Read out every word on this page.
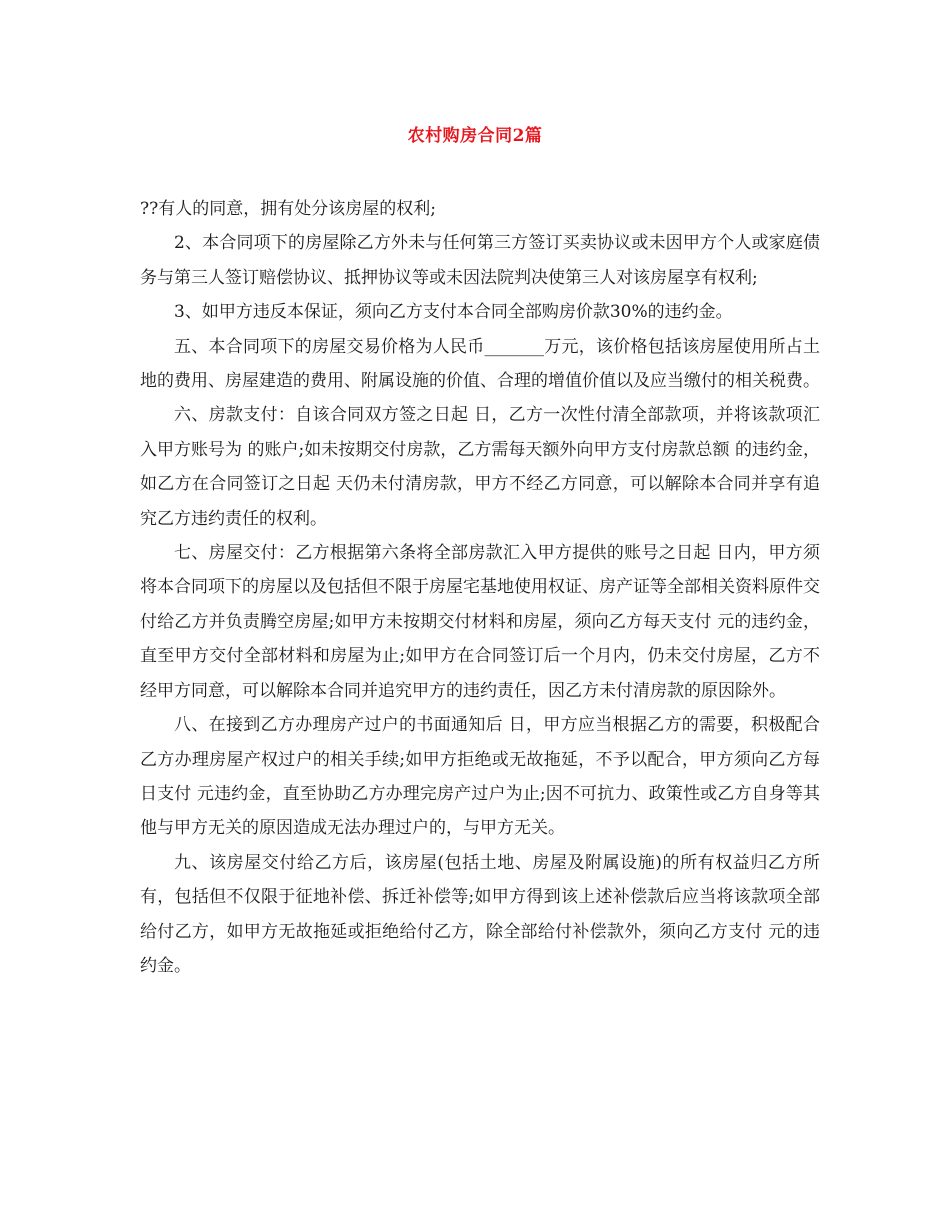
农村购房合同2篇

??有人的同意，拥有处分该房屋的权利;

2、本合同项下的房屋除乙方外未与任何第三方签订买卖协议或未因甲方个人或家庭债务与第三人签订赔偿协议、抵押协议等或未因法院判决使第三人对该房屋享有权利;

3、如甲方违反本保证，须向乙方支付本合同全部购房价款30%的违约金。

五、本合同项下的房屋交易价格为人民币_______万元，该价格包括该房屋使用所占土地的费用、房屋建造的费用、附属设施的价值、合理的增值价值以及应当缴付的相关税费。

六、房款支付：自该合同双方签之日起 日，乙方一次性付清全部款项，并将该款项汇入甲方账号为 的账户;如未按期交付房款，乙方需每天额外向甲方支付房款总额 的违约金，如乙方在合同签订之日起 天仍未付清房款，甲方不经乙方同意，可以解除本合同并享有追究乙方违约责任的权利。

七、房屋交付：乙方根据第六条将全部房款汇入甲方提供的账号之日起 日内，甲方须将本合同项下的房屋以及包括但不限于房屋宅基地使用权证、房产证等全部相关资料原件交付给乙方并负责腾空房屋;如甲方未按期交付材料和房屋，须向乙方每天支付 元的违约金，直至甲方交付全部材料和房屋为止;如甲方在合同签订后一个月内，仍未交付房屋，乙方不经甲方同意，可以解除本合同并追究甲方的违约责任，因乙方未付清房款的原因除外。

八、在接到乙方办理房产过户的书面通知后 日，甲方应当根据乙方的需要，积极配合乙方办理房屋产权过户的相关手续;如甲方拒绝或无故拖延，不予以配合，甲方须向乙方每日支付 元违约金，直至协助乙方办理完房产过户为止;因不可抗力、政策性或乙方自身等其他与甲方无关的原因造成无法办理过户的，与甲方无关。

九、该房屋交付给乙方后，该房屋(包括土地、房屋及附属设施)的所有权益归乙方所有，包括但不仅限于征地补偿、拆迁补偿等;如甲方得到该上述补偿款后应当将该款项全部给付乙方，如甲方无故拖延或拒绝给付乙方，除全部给付补偿款外，须向乙方支付 元的违约金。
